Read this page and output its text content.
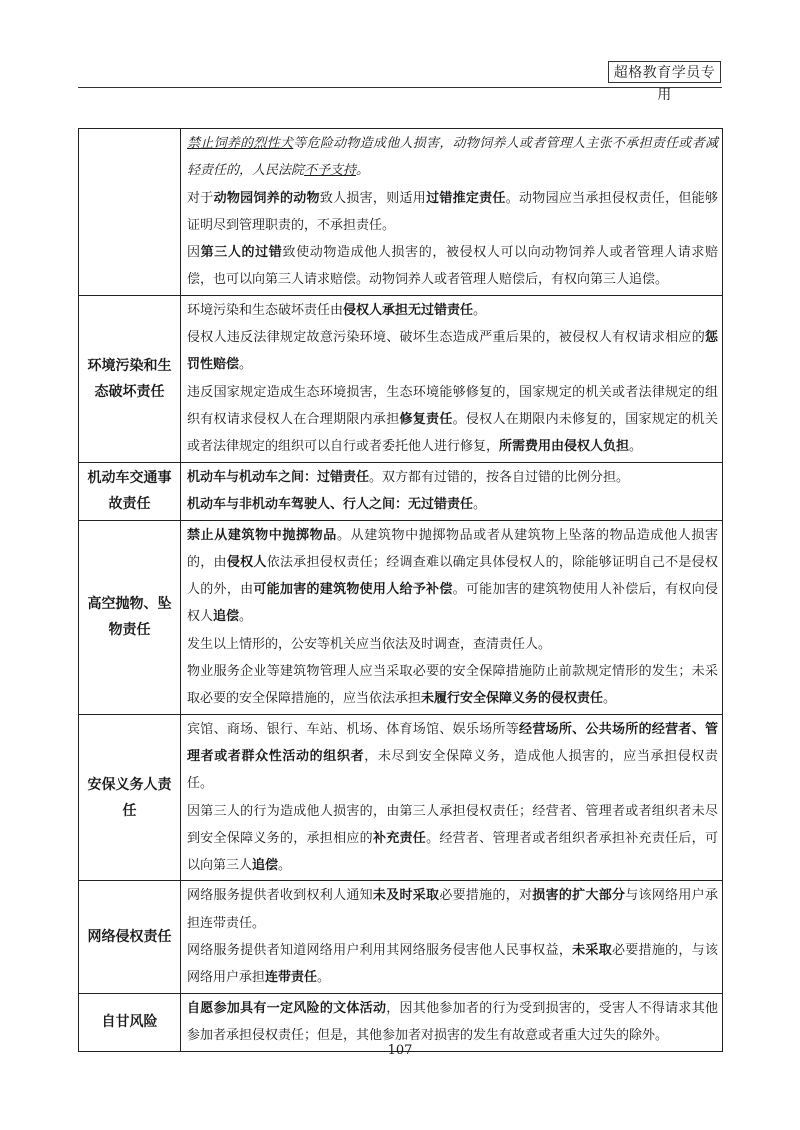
超格教育学员专用

	禁止饲养的烈性犬等危险动物造成他人损害，动物饲养人或者管理人主张不承担责任或者减轻责任的，人民法院不予支持。

对于动物园饲养的动物致人损害，则适用过错推定责任。动物园应当承担侵权责任，但能够证明尽到管理职责的，不承担责任。

因第三人的过错致使动物造成他人损害的，被侵权人可以向动物饲养人或者管理人请求赔偿，也可以向第三人请求赔偿。动物饲养人或者管理人赔偿后，有权向第三人追偿。

环境污染和生态破坏责任	环境污染和生态破坏责任由侵权人承担无过错责任。

侵权人违反法律规定故意污染环境、破坏生态造成严重后果的，被侵权人有权请求相应的惩罚性赔偿。

违反国家规定造成生态环境损害，生态环境能够修复的，国家规定的机关或者法律规定的组织有权请求侵权人在合理期限内承担修复责任。侵权人在期限内未修复的，国家规定的机关或者法律规定的组织可以自行或者委托他人进行修复，所需费用由侵权人负担。

机动车交通事故责任	机动车与机动车之间：过错责任。双方都有过错的，按各自过错的比例分担。

机动车与非机动车驾驶人、行人之间：无过错责任。

高空抛物、坠物责任	禁止从建筑物中抛掷物品。从建筑物中抛掷物品或者从建筑物上坠落的物品造成他人损害的，由侵权人依法承担侵权责任；经调查难以确定具体侵权人的，除能够证明自己不是侵权人的外，由可能加害的建筑物使用人给予补偿。可能加害的建筑物使用人补偿后，有权向侵权人追偿。

发生以上情形的，公安等机关应当依法及时调查，查清责任人。

物业服务企业等建筑物管理人应当采取必要的安全保障措施防止前款规定情形的发生；未采取必要的安全保障措施的，应当依法承担未履行安全保障义务的侵权责任。

安保义务人责任	宾馆、商场、银行、车站、机场、体育场馆、娱乐场所等经营场所、公共场所的经营者、管理者或者群众性活动的组织者，未尽到安全保障义务，造成他人损害的，应当承担侵权责任。

因第三人的行为造成他人损害的，由第三人承担侵权责任；经营者、管理者或者组织者未尽到安全保障义务的，承担相应的补充责任。经营者、管理者或者组织者承担补充责任后，可以向第三人追偿。

网络侵权责任	网络服务提供者收到权利人通知未及时采取必要措施的，对损害的扩大部分与该网络用户承担连带责任。

网络服务提供者知道网络用户利用其网络服务侵害他人民事权益，未采取必要措施的，与该网络用户承担连带责任。

自甘风险	自愿参加具有一定风险的文体活动，因其他参加者的行为受到损害的，受害人不得请求其他参加者承担侵权责任；但是，其他参加者对损害的发生有故意或者重大过失的除外。

107
